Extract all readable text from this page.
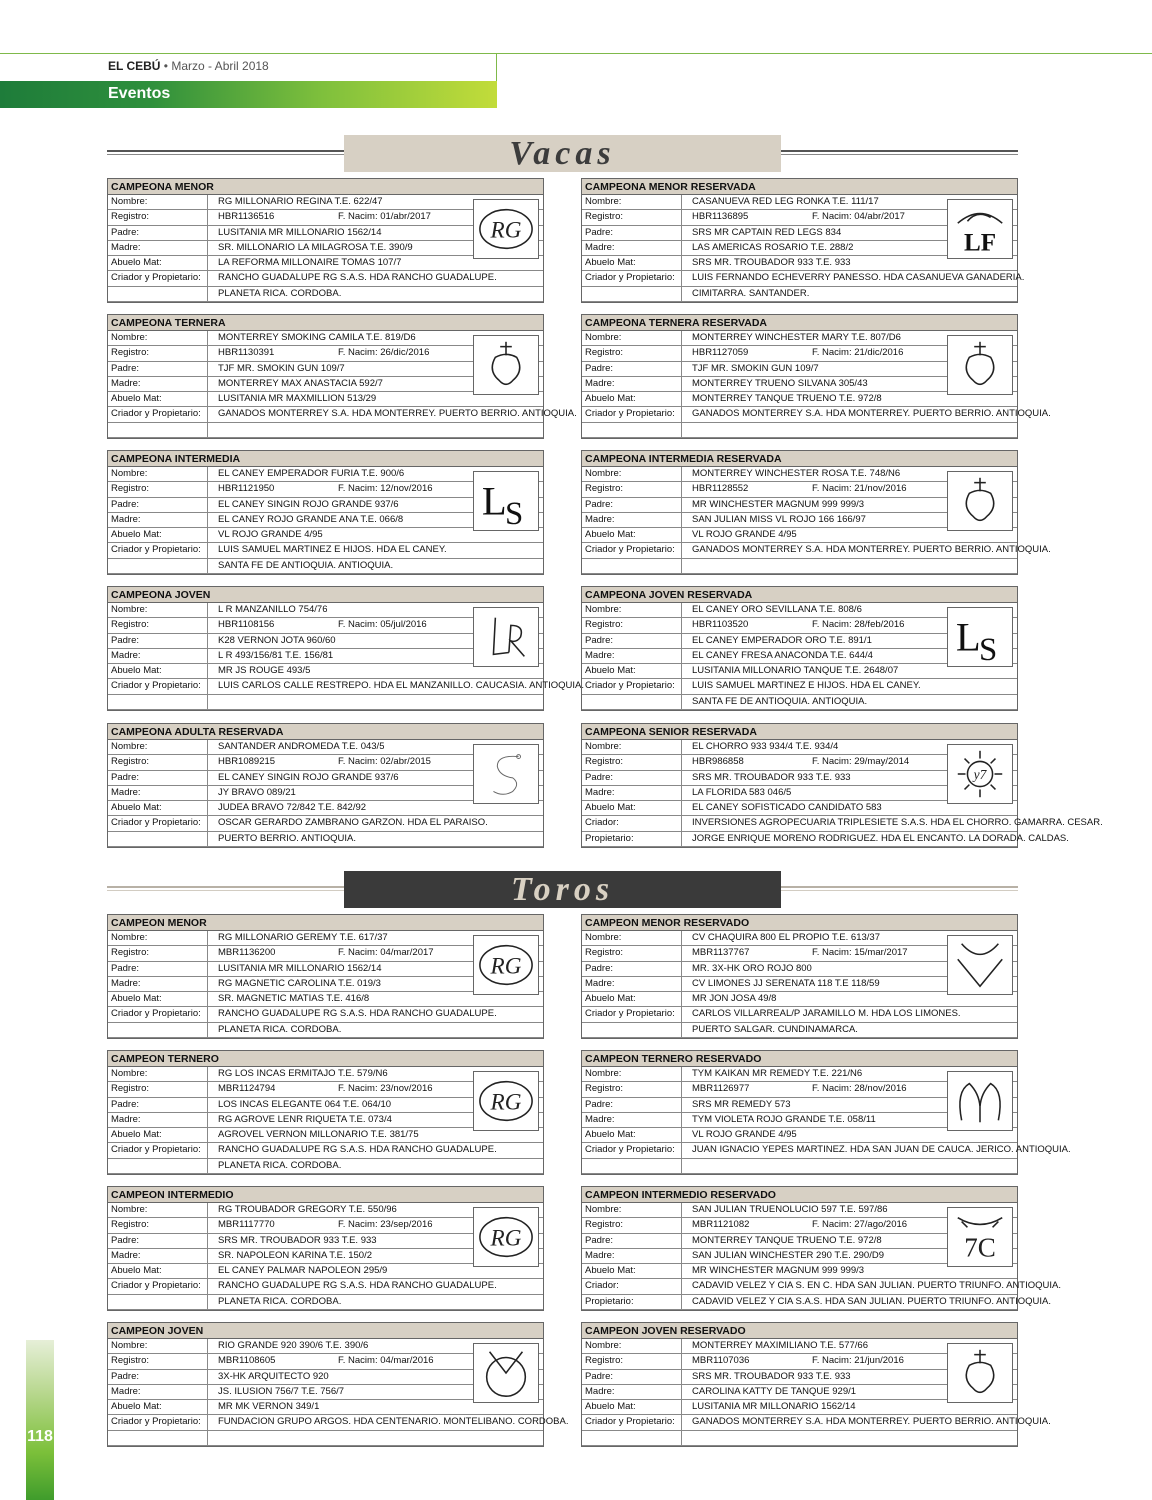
EL CEBÚ • Marzo - Abril 2018
Eventos
Vacas
Toros
CAMPEONA MENOR
Nombre:	RG MILLONARIO REGINA T.E. 622/47
Registro:	HBR1136516	F. Nacim: 01/abr/2017
Padre:	LUSITANIA MR MILLONARIO 1562/14
Madre:	SR. MILLONARIO LA MILAGROSA T.E. 390/9
Abuelo Mat:	LA REFORMA MILLONAIRE TOMAS 107/7
Criador y Propietario:	RANCHO GUADALUPE RG S.A.S. HDA RANCHO GUADALUPE.
PLANETA RICA. CORDOBA.
RG
CAMPEONA MENOR RESERVADA
Nombre:	CASANUEVA RED LEG RONKA T.E. 111/17
Registro:	HBR1136895	F. Nacim: 04/abr/2017
Padre:	SRS MR CAPTAIN RED LEGS 834
Madre:	LAS AMERICAS ROSARIO T.E. 288/2
Abuelo Mat:	SRS MR. TROUBADOR 933 T.E. 933
Criador y Propietario:	LUIS FERNANDO ECHEVERRY PANESSO. HDA CASANUEVA GANADERIA.
CIMITARRA. SANTANDER.
LF
CAMPEONA TERNERA
Nombre:	MONTERREY SMOKING CAMILA T.E. 819/D6
Registro:	HBR1130391	F. Nacim: 26/dic/2016
Padre:	TJF MR. SMOKIN GUN 109/7
Madre:	MONTERREY MAX ANASTACIA 592/7
Abuelo Mat:	LUSITANIA MR MAXMILLION 513/29
Criador y Propietario:	GANADOS MONTERREY S.A. HDA MONTERREY. PUERTO BERRIO. ANTIOQUIA.
CAMPEONA TERNERA RESERVADA
Nombre:	MONTERREY WINCHESTER MARY T.E. 807/D6
Registro:	HBR1127059	F. Nacim: 21/dic/2016
Padre:	TJF MR. SMOKIN GUN 109/7
Madre:	MONTERREY TRUENO SILVANA 305/43
Abuelo Mat:	MONTERREY TANQUE TRUENO T.E. 972/8
Criador y Propietario:	GANADOS MONTERREY S.A. HDA MONTERREY. PUERTO BERRIO. ANTIOQUIA.
CAMPEONA INTERMEDIA
Nombre:	EL CANEY EMPERADOR FURIA T.E. 900/6
Registro:	HBR1121950	F. Nacim: 12/nov/2016
Padre:	EL CANEY SINGIN ROJO GRANDE 937/6
Madre:	EL CANEY ROJO GRANDE ANA T.E. 066/8
Abuelo Mat:	VL ROJO GRANDE 4/95
Criador y Propietario:	LUIS SAMUEL MARTINEZ E HIJOS. HDA EL CANEY.
SANTA FE DE ANTIOQUIA. ANTIOQUIA.
L
S
CAMPEONA INTERMEDIA RESERVADA
Nombre:	MONTERREY WINCHESTER ROSA T.E. 748/N6
Registro:	HBR1128552	F. Nacim: 21/nov/2016
Padre:	MR WINCHESTER MAGNUM 999 999/3
Madre:	SAN JULIAN MISS VL ROJO 166 166/97
Abuelo Mat:	VL ROJO GRANDE 4/95
Criador y Propietario:	GANADOS MONTERREY S.A. HDA MONTERREY. PUERTO BERRIO. ANTIOQUIA.
CAMPEONA JOVEN
Nombre:	L R MANZANILLO 754/76
Registro:	HBR1108156	F. Nacim: 05/jul/2016
Padre:	K28 VERNON JOTA 960/60
Madre:	L R 493/156/81 T.E. 156/81
Abuelo Mat:	MR JS ROUGE 493/5
Criador y Propietario:	LUIS CARLOS CALLE RESTREPO. HDA EL MANZANILLO. CAUCASIA. ANTIOQUIA.
CAMPEONA JOVEN RESERVADA
Nombre:	EL CANEY ORO SEVILLANA T.E. 808/6
Registro:	HBR1103520	F. Nacim: 28/feb/2016
Padre:	EL CANEY EMPERADOR ORO T.E. 891/1
Madre:	EL CANEY FRESA ANACONDA T.E. 644/4
Abuelo Mat:	LUSITANIA MILLONARIO TANQUE T.E. 2648/07
Criador y Propietario:	LUIS SAMUEL MARTINEZ E HIJOS. HDA EL CANEY.
SANTA FE DE ANTIOQUIA. ANTIOQUIA.
L
S
CAMPEONA ADULTA RESERVADA
Nombre:	SANTANDER ANDROMEDA T.E. 043/5
Registro:	HBR1089215	F. Nacim: 02/abr/2015
Padre:	EL CANEY SINGIN ROJO GRANDE 937/6
Madre:	JY BRAVO 089/21
Abuelo Mat:	JUDEA BRAVO 72/842 T.E. 842/92
Criador y Propietario:	OSCAR GERARDO ZAMBRANO GARZON. HDA EL PARAISO.
PUERTO BERRIO. ANTIOQUIA.
CAMPEONA SENIOR RESERVADA
Nombre:	EL CHORRO 933 934/4 T.E. 934/4
Registro:	HBR986858	F. Nacim: 29/may/2014
Padre:	SRS MR. TROUBADOR 933 T.E. 933
Madre:	LA FLORIDA 583 046/5
Abuelo Mat:	EL CANEY SOFISTICADO CANDIDATO 583
Criador:	INVERSIONES AGROPECUARIA TRIPLESIETE S.A.S. HDA EL CHORRO. GAMARRA. CESAR.
Propietario:	JORGE ENRIQUE MORENO RODRIGUEZ. HDA EL ENCANTO. LA DORADA. CALDAS.
y7
CAMPEON MENOR
Nombre:	RG MILLONARIO GEREMY T.E. 617/37
Registro:	MBR1136200	F. Nacim: 04/mar/2017
Padre:	LUSITANIA MR MILLONARIO 1562/14
Madre:	RG MAGNETIC CAROLINA T.E. 019/3
Abuelo Mat:	SR. MAGNETIC MATIAS T.E. 416/8
Criador y Propietario:	RANCHO GUADALUPE RG S.A.S. HDA RANCHO GUADALUPE.
PLANETA RICA. CORDOBA.
RG
CAMPEON MENOR RESERVADO
Nombre:	CV CHAQUIRA 800 EL PROPIO T.E. 613/37
Registro:	MBR1137767	F. Nacim: 15/mar/2017
Padre:	MR. 3X-HK ORO ROJO 800
Madre:	CV LIMONES JJ SERENATA 118 T.E 118/59
Abuelo Mat:	MR JON JOSA 49/8
Criador y Propietario:	CARLOS VILLARREAL/P JARAMILLO M. HDA LOS LIMONES.
PUERTO SALGAR. CUNDINAMARCA.
CAMPEON TERNERO
Nombre:	RG LOS INCAS ERMITAJO T.E. 579/N6
Registro:	MBR1124794	F. Nacim: 23/nov/2016
Padre:	LOS INCAS ELEGANTE 064 T.E. 064/10
Madre:	RG AGROVE LENR RIQUETA T.E. 073/4
Abuelo Mat:	AGROVEL VERNON MILLONARIO T.E. 381/75
Criador y Propietario:	RANCHO GUADALUPE RG S.A.S. HDA RANCHO GUADALUPE.
PLANETA RICA. CORDOBA.
RG
CAMPEON TERNERO RESERVADO
Nombre:	TYM KAIKAN MR REMEDY T.E. 221/N6
Registro:	MBR1126977	F. Nacim: 28/nov/2016
Padre:	SRS MR REMEDY 573
Madre:	TYM VIOLETA ROJO GRANDE T.E. 058/11
Abuelo Mat:	VL ROJO GRANDE 4/95
Criador y Propietario:	JUAN IGNACIO YEPES MARTINEZ. HDA SAN JUAN DE CAUCA. JERICO. ANTIOQUIA.
CAMPEON INTERMEDIO
Nombre:	RG TROUBADOR GREGORY T.E. 550/96
Registro:	MBR1117770	F. Nacim: 23/sep/2016
Padre:	SRS MR. TROUBADOR 933 T.E. 933
Madre:	SR. NAPOLEON KARINA T.E. 150/2
Abuelo Mat:	EL CANEY PALMAR NAPOLEON 295/9
Criador y Propietario:	RANCHO GUADALUPE RG S.A.S. HDA RANCHO GUADALUPE.
PLANETA RICA. CORDOBA.
RG
CAMPEON INTERMEDIO RESERVADO
Nombre:	SAN JULIAN TRUENOLUCIO 597 T.E. 597/86
Registro:	MBR1121082	F. Nacim: 27/ago/2016
Padre:	MONTERREY TANQUE TRUENO T.E. 972/8
Madre:	SAN JULIAN WINCHESTER 290 T.E. 290/D9
Abuelo Mat:	MR WINCHESTER MAGNUM 999 999/3
Criador:	CADAVID VELEZ Y CIA S. EN C. HDA SAN JULIAN. PUERTO TRIUNFO. ANTIOQUIA.
Propietario:	CADAVID VELEZ Y CIA S.A.S. HDA SAN JULIAN. PUERTO TRIUNFO. ANTIOQUIA.
7C
CAMPEON JOVEN
Nombre:	RIO GRANDE 920 390/6 T.E. 390/6
Registro:	MBR1108605	F. Nacim: 04/mar/2016
Padre:	3X-HK ARQUITECTO 920
Madre:	JS. ILUSION 756/7 T.E. 756/7
Abuelo Mat:	MR MK VERNON 349/1
Criador y Propietario:	FUNDACION GRUPO ARGOS. HDA CENTENARIO. MONTELIBANO. CORDOBA.
CAMPEON JOVEN RESERVADO
Nombre:	MONTERREY MAXIMILIANO T.E. 577/66
Registro:	MBR1107036	F. Nacim: 21/jun/2016
Padre:	SRS MR. TROUBADOR 933 T.E. 933
Madre:	CAROLINA KATTY DE TANQUE 929/1
Abuelo Mat:	LUSITANIA MR MILLONARIO 1562/14
Criador y Propietario:	GANADOS MONTERREY S.A. HDA MONTERREY. PUERTO BERRIO. ANTIOQUIA.
118
